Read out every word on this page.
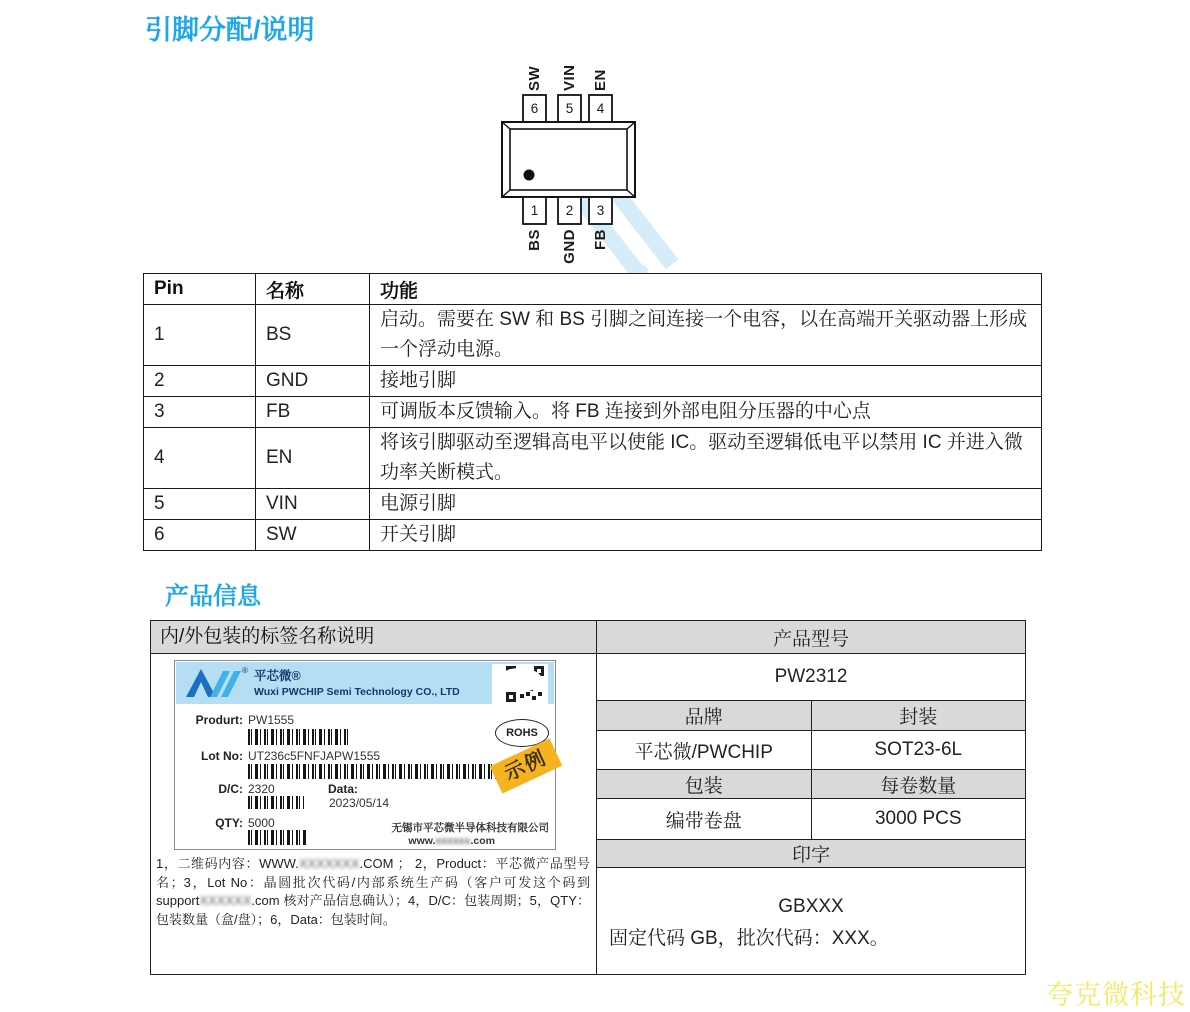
引脚分配/说明
SW VIN EN
6 5 4
1 2 3
BS GND FB
Pin	名称	功能
1	BS	启动。需要在 SW 和 BS 引脚之间连接一个电容，以在高端开关驱动器上形成一个浮动电源。
2	GND	接地引脚
3	FB	可调版本反馈输入。将 FB 连接到外部电阻分压器的中心点
4	EN	将该引脚驱动至逻辑高电平以使能 IC。驱动至逻辑低电平以禁用 IC 并进入微功率关断模式。
5	VIN	电源引脚
6	SW	开关引脚
产品信息
内/外包装的标签名称说明
® 平芯微®
Wuxi PWCHIP Semi Technology CO., LTD
Produrt: PW1555
Lot No: UT236c5FNFJAPW1555
ROHS
D/C: 2320	Data:
2023/05/14
QTY: 5000
示例
无锡市平芯微半导体科技有限公司
www.xxxxxx.com
1，二维码内容：WWW.XXXXXXX.COM ； 2，Product：平芯微产品型号名；3，Lot No：晶圆批次代码/内部系统生产码（客户可发这个码到 supportXXXXXX.com 核对产品信息确认）；4，D/C：包装周期；5，QTY：包装数量（盒/盘）；6，Data：包装时间。
产品型号
PW2312
品牌	封装
平芯微/PWCHIP	SOT23-6L
包装	每卷数量
编带卷盘	3000 PCS
印字
GBXXX
固定代码 GB，批次代码：XXX。
夸克微科技
